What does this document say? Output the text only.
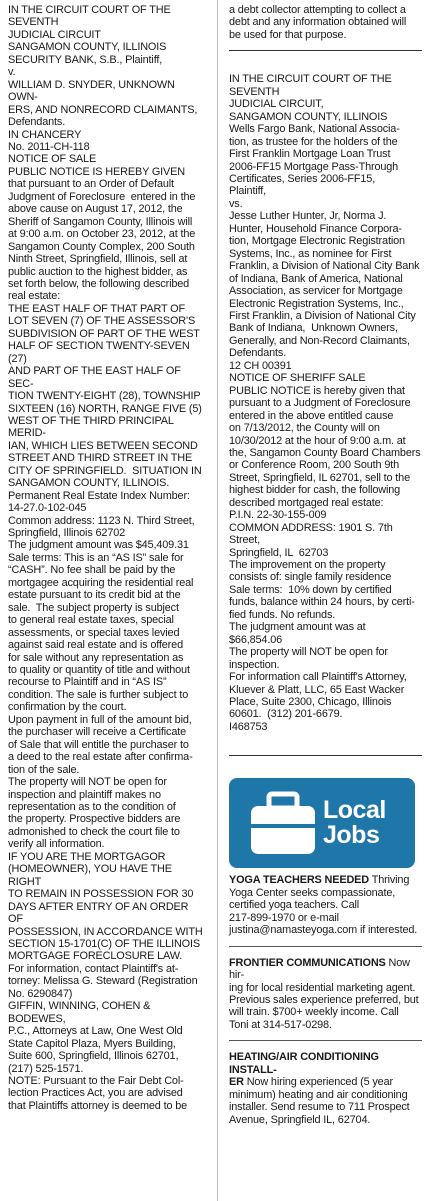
IN THE CIRCUIT COURT OF THE SEVENTH
JUDICIAL CIRCUIT
SANGAMON COUNTY, ILLINOIS
SECURITY BANK, S.B., Plaintiff,
v.
WILLIAM D. SNYDER, UNKNOWN OWN-
ERS, AND NONRECORD CLAIMANTS,
Defendants.
IN CHANCERY
No. 2011-CH-118
NOTICE OF SALE
PUBLIC NOTICE IS HEREBY GIVEN
that pursuant to an Order of Default
Judgment of Foreclosure  entered in the
above cause on August 17, 2012, the
Sheriff of Sangamon County, Illinois will
at 9:00 a.m. on October 23, 2012, at the
Sangamon County Complex, 200 South
Ninth Street, Springfield, Illinois, sell at
public auction to the highest bidder, as
set forth below, the following described
real estate:
THE EAST HALF OF THAT PART OF
LOT SEVEN (7) OF THE ASSESSOR'S
SUBDIVISION OF PART OF THE WEST
HALF OF SECTION TWENTY-SEVEN (27)
AND PART OF THE EAST HALF OF SEC-
TION TWENTY-EIGHT (28), TOWNSHIP
SIXTEEN (16) NORTH, RANGE FIVE (5)
WEST OF THE THIRD PRINCIPAL MERID-
IAN, WHICH LIES BETWEEN SECOND
STREET AND THIRD STREET IN THE
CITY OF SPRINGFIELD.  SITUATION IN
SANGAMON COUNTY, ILLINOIS.
Permanent Real Estate Index Number:
14-27.0-102-045
Common address: 1123 N. Third Street,
Springfield, Illinois 62702
The judgment amount was $45,409.31
Sale terms: This is an “AS IS” sale for
“CASH”. No fee shall be paid by the
mortgagee acquiring the residential real
estate pursuant to its credit bid at the
sale.  The subject property is subject
to general real estate taxes, special
assessments, or special taxes levied
against said real estate and is offered
for sale without any representation as
to quality or quantity of title and without
recourse to Plaintiff and in “AS IS”
condition. The sale is further subject to
confirmation by the court.
Upon payment in full of the amount bid,
the purchaser will receive a Certificate
of Sale that will entitle the purchaser to
a deed to the real estate after confirma-
tion of the sale.
The property will NOT be open for
inspection and plaintiff makes no
representation as to the condition of
the property. Prospective bidders are
admonished to check the court file to
verify all information.
IF YOU ARE THE MORTGAGOR
(HOMEOWNER), YOU HAVE THE RIGHT
TO REMAIN IN POSSESSION FOR 30
DAYS AFTER ENTRY OF AN ORDER OF
POSSESSION, IN ACCORDANCE WITH
SECTION 15-1701(C) OF THE ILLINOIS
MORTGAGE FORECLOSURE LAW.
For information, contact Plaintiff's at-
torney: Melissa G. Steward (Registration
No. 6290847)
GIFFIN, WINNING, COHEN & BODEWES,
P.C., Attorneys at Law, One West Old
State Capitol Plaza, Myers Building,
Suite 600, Springfield, Illinois 62701,
(217) 525-1571.
NOTE: Pursuant to the Fair Debt Col-
lection Practices Act, you are advised
that Plaintiffs attorney is deemed to be
a debt collector attempting to collect a
debt and any information obtained will
be used for that purpose.
IN THE CIRCUIT COURT OF THE SEVENTH
JUDICIAL CIRCUIT,
SANGAMON COUNTY, ILLINOIS
Wells Fargo Bank, National Associa-
tion, as trustee for the holders of the
First Franklin Mortgage Loan Trust
2006-FF15 Mortgage Pass-Through
Certificates, Series 2006-FF15,
Plaintiff,
vs.
Jesse Luther Hunter, Jr, Norma J.
Hunter, Household Finance Corpora-
tion, Mortgage Electronic Registration
Systems, Inc., as nominee for First
Franklin, a Division of National City Bank
of Indiana, Bank of America, National
Association, as servicer for Mortgage
Electronic Registration Systems, Inc.,
First Franklin, a Division of National City
Bank of Indiana,  Unknown Owners,
Generally, and Non-Record Claimants,
Defendants.
12 CH 00391
NOTICE OF SHERIFF SALE
PUBLIC NOTICE is hereby given that
pursuant to a Judgment of Foreclosure
entered in the above entitled cause
on 7/13/2012, the County will on
10/30/2012 at the hour of 9:00 a.m. at
the, Sangamon County Board Chambers
or Conference Room, 200 South 9th
Street, Springfield, IL 62701, sell to the
highest bidder for cash, the following
described mortgaged real estate:
P.I.N. 22-30-155-009
COMMON ADDRESS: 1901 S. 7th Street,
Springfield, IL  62703
The improvement on the property
consists of: single family residence
Sale terms:  10% down by certified
funds, balance within 24 hours, by certi-
fied funds. No refunds.
The judgment amount was at
$66,854.06
The property will NOT be open for
inspection.
For information call Plaintiff's Attorney,
Kluever & Platt, LLC, 65 East Wacker
Place, Suite 2300, Chicago, Illinois
60601.  (312) 201-6679.
I468753
Local
Jobs
YOGA TEACHERS NEEDED Thriving
Yoga Center seeks compassionate,
certified yoga teachers. Call
217-899-1970 or e-mail
justina@namasteyoga.com if interested.
FRONTIER COMMUNICATIONS Now hir-
ing for local residential marketing agent.
Previous sales experience preferred, but
will train. $700+ weekly income. Call
Toni at 314-517-0298.
HEATING/AIR CONDITIONING INSTALL-
ER Now hiring experienced (5 year
minimum) heating and air conditioning
installer. Send resume to 711 Prospect
Avenue, Springfield IL, 62704.
